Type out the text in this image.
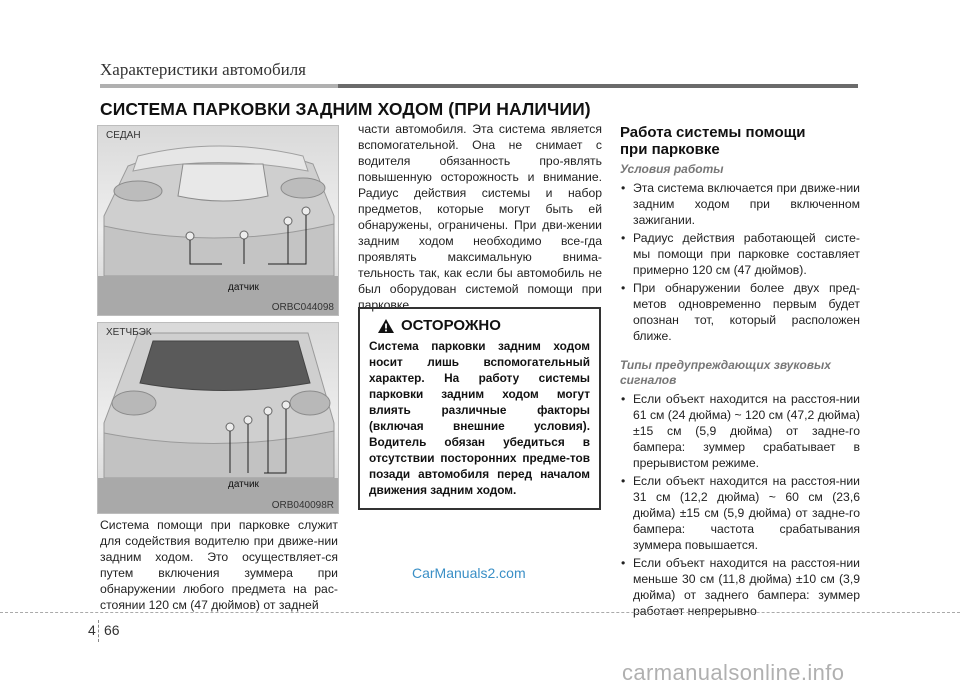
Характеристики автомобиля
СИСТЕМА ПАРКОВКИ ЗАДНИМ ХОДОМ (ПРИ НАЛИЧИИ)
СЕДАН
датчик
ORBC044098
ХЕТЧБЭК
датчик
ORB040098R
Система помощи при парковке служит для содействия водителю при движе-нии задним ходом. Это осуществляет-ся путем включения зуммера при обнаружении любого предмета на рас-стоянии 120 см (47 дюймов) от задней
части автомобиля. Эта система является вспомогательной. Она не снимает с водителя обязанность про-являть повышенную осторожность и внимание. Радиус действия системы и набор предметов, которые могут быть ей обнаружены, ограничены. При дви-жении задним ходом необходимо все-гда проявлять максимальную внима-тельность так, как если бы автомобиль не был оборудован системой помощи при парковке.
ОСТОРОЖНО
Система парковки задним ходом носит лишь вспомогательный характер. На работу системы парковки задним ходом могут влиять различные факторы (включая внешние условия). Водитель обязан убедиться в отсутствии посторонних предме-тов позади автомобиля перед началом движения задним ходом.
Работа системы помощи
при парковке
Условия работы
• Эта система включается при движе-нии задним ходом при включенном зажигании.
• Радиус действия работающей систе-мы помощи при парковке составляет примерно 120 см (47 дюймов).
• При обнаружении более двух пред-метов одновременно первым будет опознан тот, который расположен ближе.
Типы предупреждающих звуковых
сигналов
• Если объект находится на расстоя-нии 61 см (24 дюйма) ~ 120 см (47,2 дюйма) ±15 см (5,9 дюйма) от задне-го бампера: зуммер срабатывает в прерывистом режиме.
• Если объект находится на расстоя-нии 31 см (12,2 дюйма) ~ 60 см (23,6 дюйма) ±15 см (5,9 дюйма) от задне-го бампера: частота срабатывания зуммера повышается.
• Если объект находится на расстоя-нии меньше 30 см (11,8 дюйма) ±10 см (3,9 дюйма) от заднего бампера: зуммер работает непрерывно
CarManuals2.com
4 66
carmanualsonline.info
